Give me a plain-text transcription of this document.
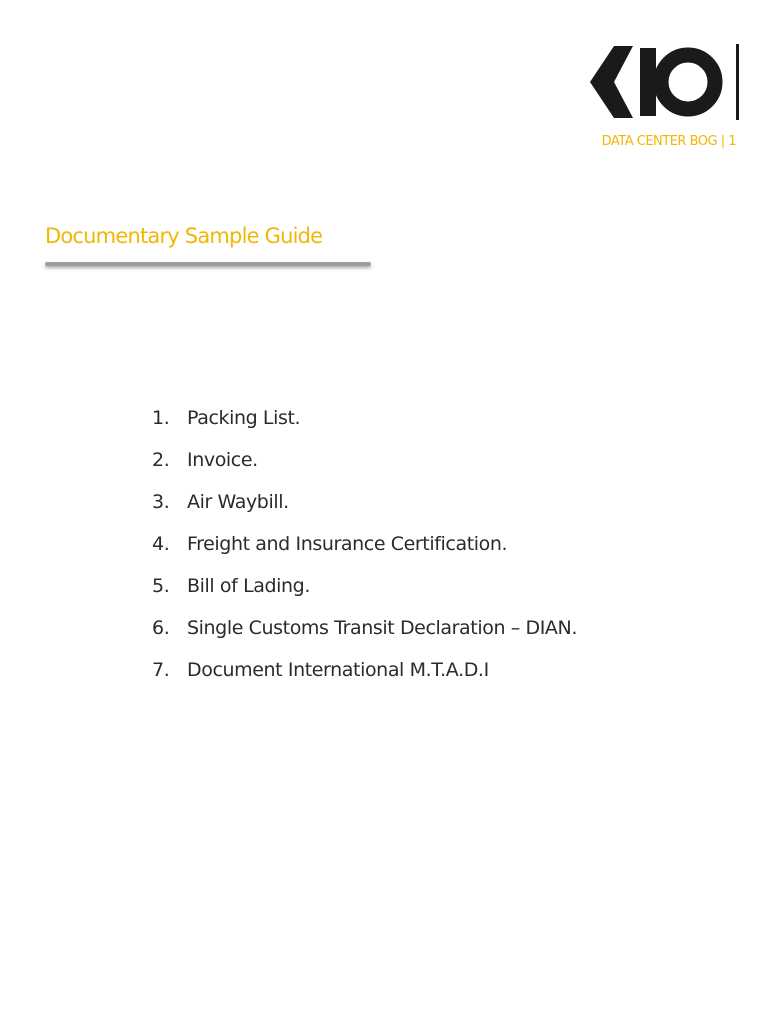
DATA CENTER BOG | 1
Documentary Sample Guide
1. Packing List.
2. Invoice.
3. Air Waybill.
4. Freight and Insurance Certification.
5. Bill of Lading.
6. Single Customs Transit Declaration – DIAN.
7. Document International M.T.A.D.I
